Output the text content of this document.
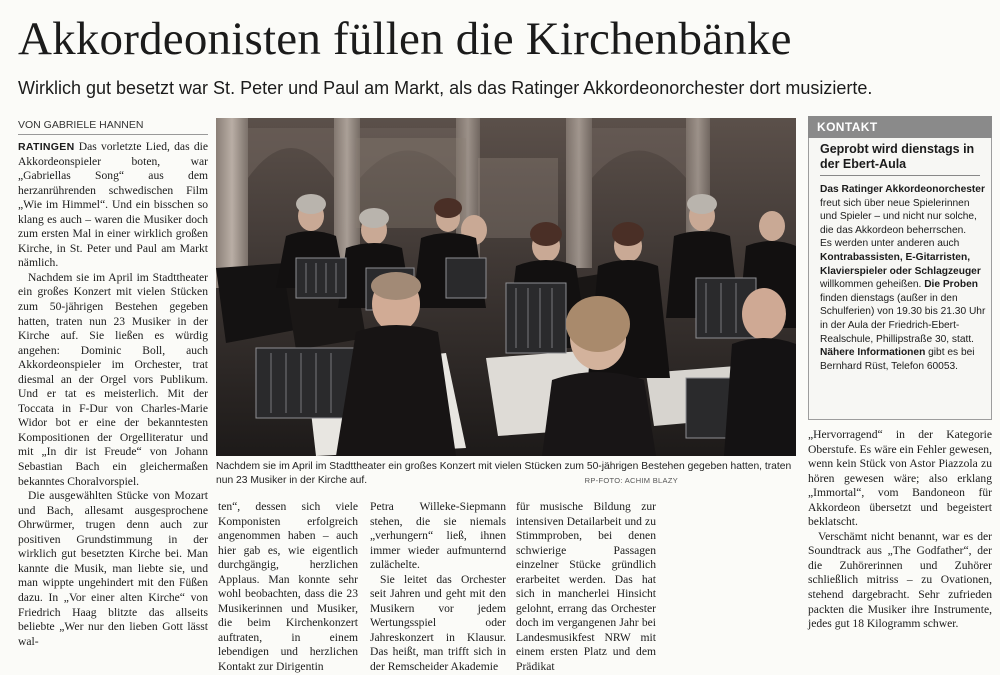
Akkordeonisten füllen die Kirchenbänke
Wirklich gut besetzt war St. Peter und Paul am Markt, als das Ratinger Akkordeonorchester dort musizierte.
VON GABRIELE HANNEN

RATINGEN Das vorletzte Lied, das die Akkordeonspieler boten, war „Gabriellas Song“ aus dem herzanrührenden schwedischen Film „Wie im Himmel“. Und ein bisschen so klang es auch – waren die Musiker doch zum ersten Mal in einer wirklich großen Kirche, in St. Peter und Paul am Markt nämlich.

Nachdem sie im April im Stadttheater ein großes Konzert mit vielen Stücken zum 50-jährigen Bestehen gegeben hatten, traten nun 23 Musiker in der Kirche auf. Sie ließen es würdig angehen: Dominic Boll, auch Akkordeonspieler im Orchester, trat diesmal an der Orgel vors Publikum. Und er tat es meisterlich. Mit der Toccata in F-Dur von Charles-Marie Widor bot er eine der bekanntesten Kompositionen der Orgelliteratur und mit „In dir ist Freude“ von Johann Sebastian Bach ein gleichermaßen bekanntes Choralvorspiel.

Die ausgewählten Stücke von Mozart und Bach, allesamt ausgesprochene Ohrwürmer, trugen denn auch zur positiven Grundstimmung in der wirklich gut besetzten Kirche bei. Man kannte die Musik, man liebte sie, und man wippte ungehindert mit den Füßen dazu. In „Vor einer alten Kirche“ von Friedrich Haag blitzte das allseits beliebte „Wer nur den lieben Gott lässt wal-

Nachdem sie im April im Stadttheater ein großes Konzert mit vielen Stücken zum 50-jährigen Bestehen gegeben hatten, traten nun 23 Musiker in der Kirche auf.	RP-FOTO: ACHIM BLAZY

ten“, dessen sich viele Komponisten erfolgreich angenommen haben – auch hier gab es, wie eigentlich durchgängig, herzlichen Applaus. Man konnte sehr wohl beobachten, dass die 23 Musikerinnen und Musiker, die beim Kirchenkonzert auftraten, in einem lebendigen und herzlichen Kontakt zur Dirigentin

Petra Willeke-Siepmann stehen, die sie niemals „verhungern“ ließ, ihnen immer wieder aufmunternd zulächelte.

Sie leitet das Orchester seit Jahren und geht mit den Musikern vor jedem Wertungsspiel oder Jahreskonzert in Klausur. Das heißt, man trifft sich in der Remscheider Akademie

für musische Bildung zur intensiven Detailarbeit und zu Stimmproben, bei denen schwierige Passagen einzelner Stücke gründlich erarbeitet werden. Das hat sich in mancherlei Hinsicht gelohnt, errang das Orchester doch im vergangenen Jahr bei Landesmusikfest NRW mit einem ersten Platz und dem Prädikat

„Hervorragend“ in der Kategorie Oberstufe. Es wäre ein Fehler gewesen, wenn kein Stück von Astor Piazzola zu hören gewesen wäre; also erklang „Immortal“, vom Bandoneon für Akkordeon übersetzt und begeistert beklatscht.

Verschämt nicht benannt, war es der Soundtrack aus „The Godfather“, der die Zuhörerinnen und Zuhörer schließlich mitriss – zu Ovationen, stehend dargebracht. Sehr zufrieden packten die Musiker ihre Instrumente, jedes gut 18 Kilogramm schwer.

KONTAKT
Geprobt wird dienstags in der Ebert-Aula

Das Ratinger Akkordeonorchester freut sich über neue Spielerinnen und Spieler – und nicht nur solche, die das Akkordeon beherrschen.

Es werden unter anderen auch Kontrabassisten, E-Gitarristen, Klavierspieler oder Schlagzeuger willkommen geheißen. Die Proben finden dienstags (außer in den Schulferien) von 19.30 bis 21.30 Uhr in der Aula der Friedrich-Ebert-Realschule, Phillipstraße 30, statt.

Nähere Informationen gibt es bei Bernhard Rüst, Telefon 60053.
